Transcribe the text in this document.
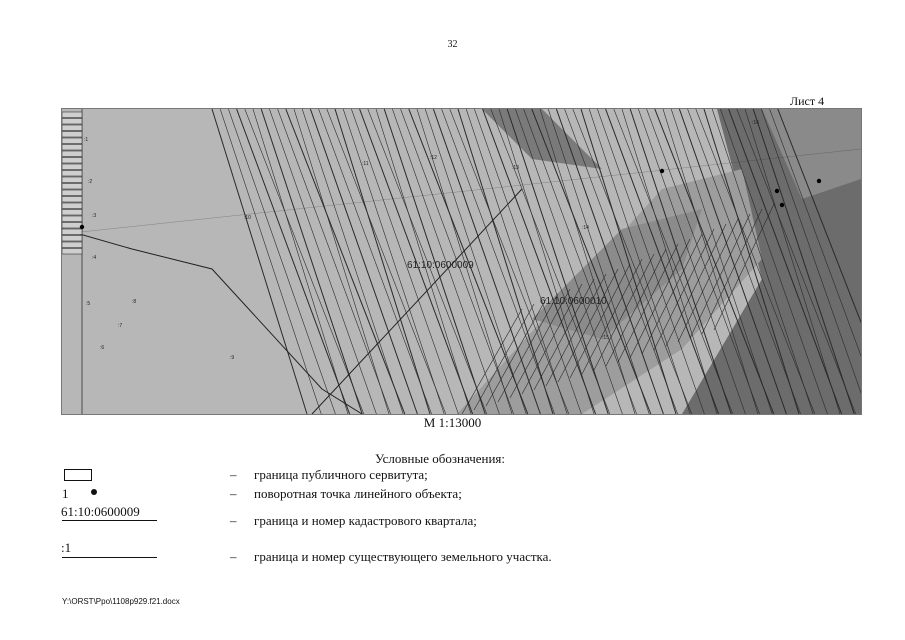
32
Лист 4
61:10:0600009
61:10:0600010
:1
:2
:3
:4
:5
:6
:7
:8
:9
:10
:11
:12
:13
:14
:15
:16
М 1:13000
Условные обозначения:
– граница публичного сервитута;
1	– поворотная точка линейного объекта;
61:10:0600009
– граница и номер кадастрового квартала;
:1
– граница и номер существующего земельного участка.
Y:\ORST\Ppo\1108p929.f21.docx
